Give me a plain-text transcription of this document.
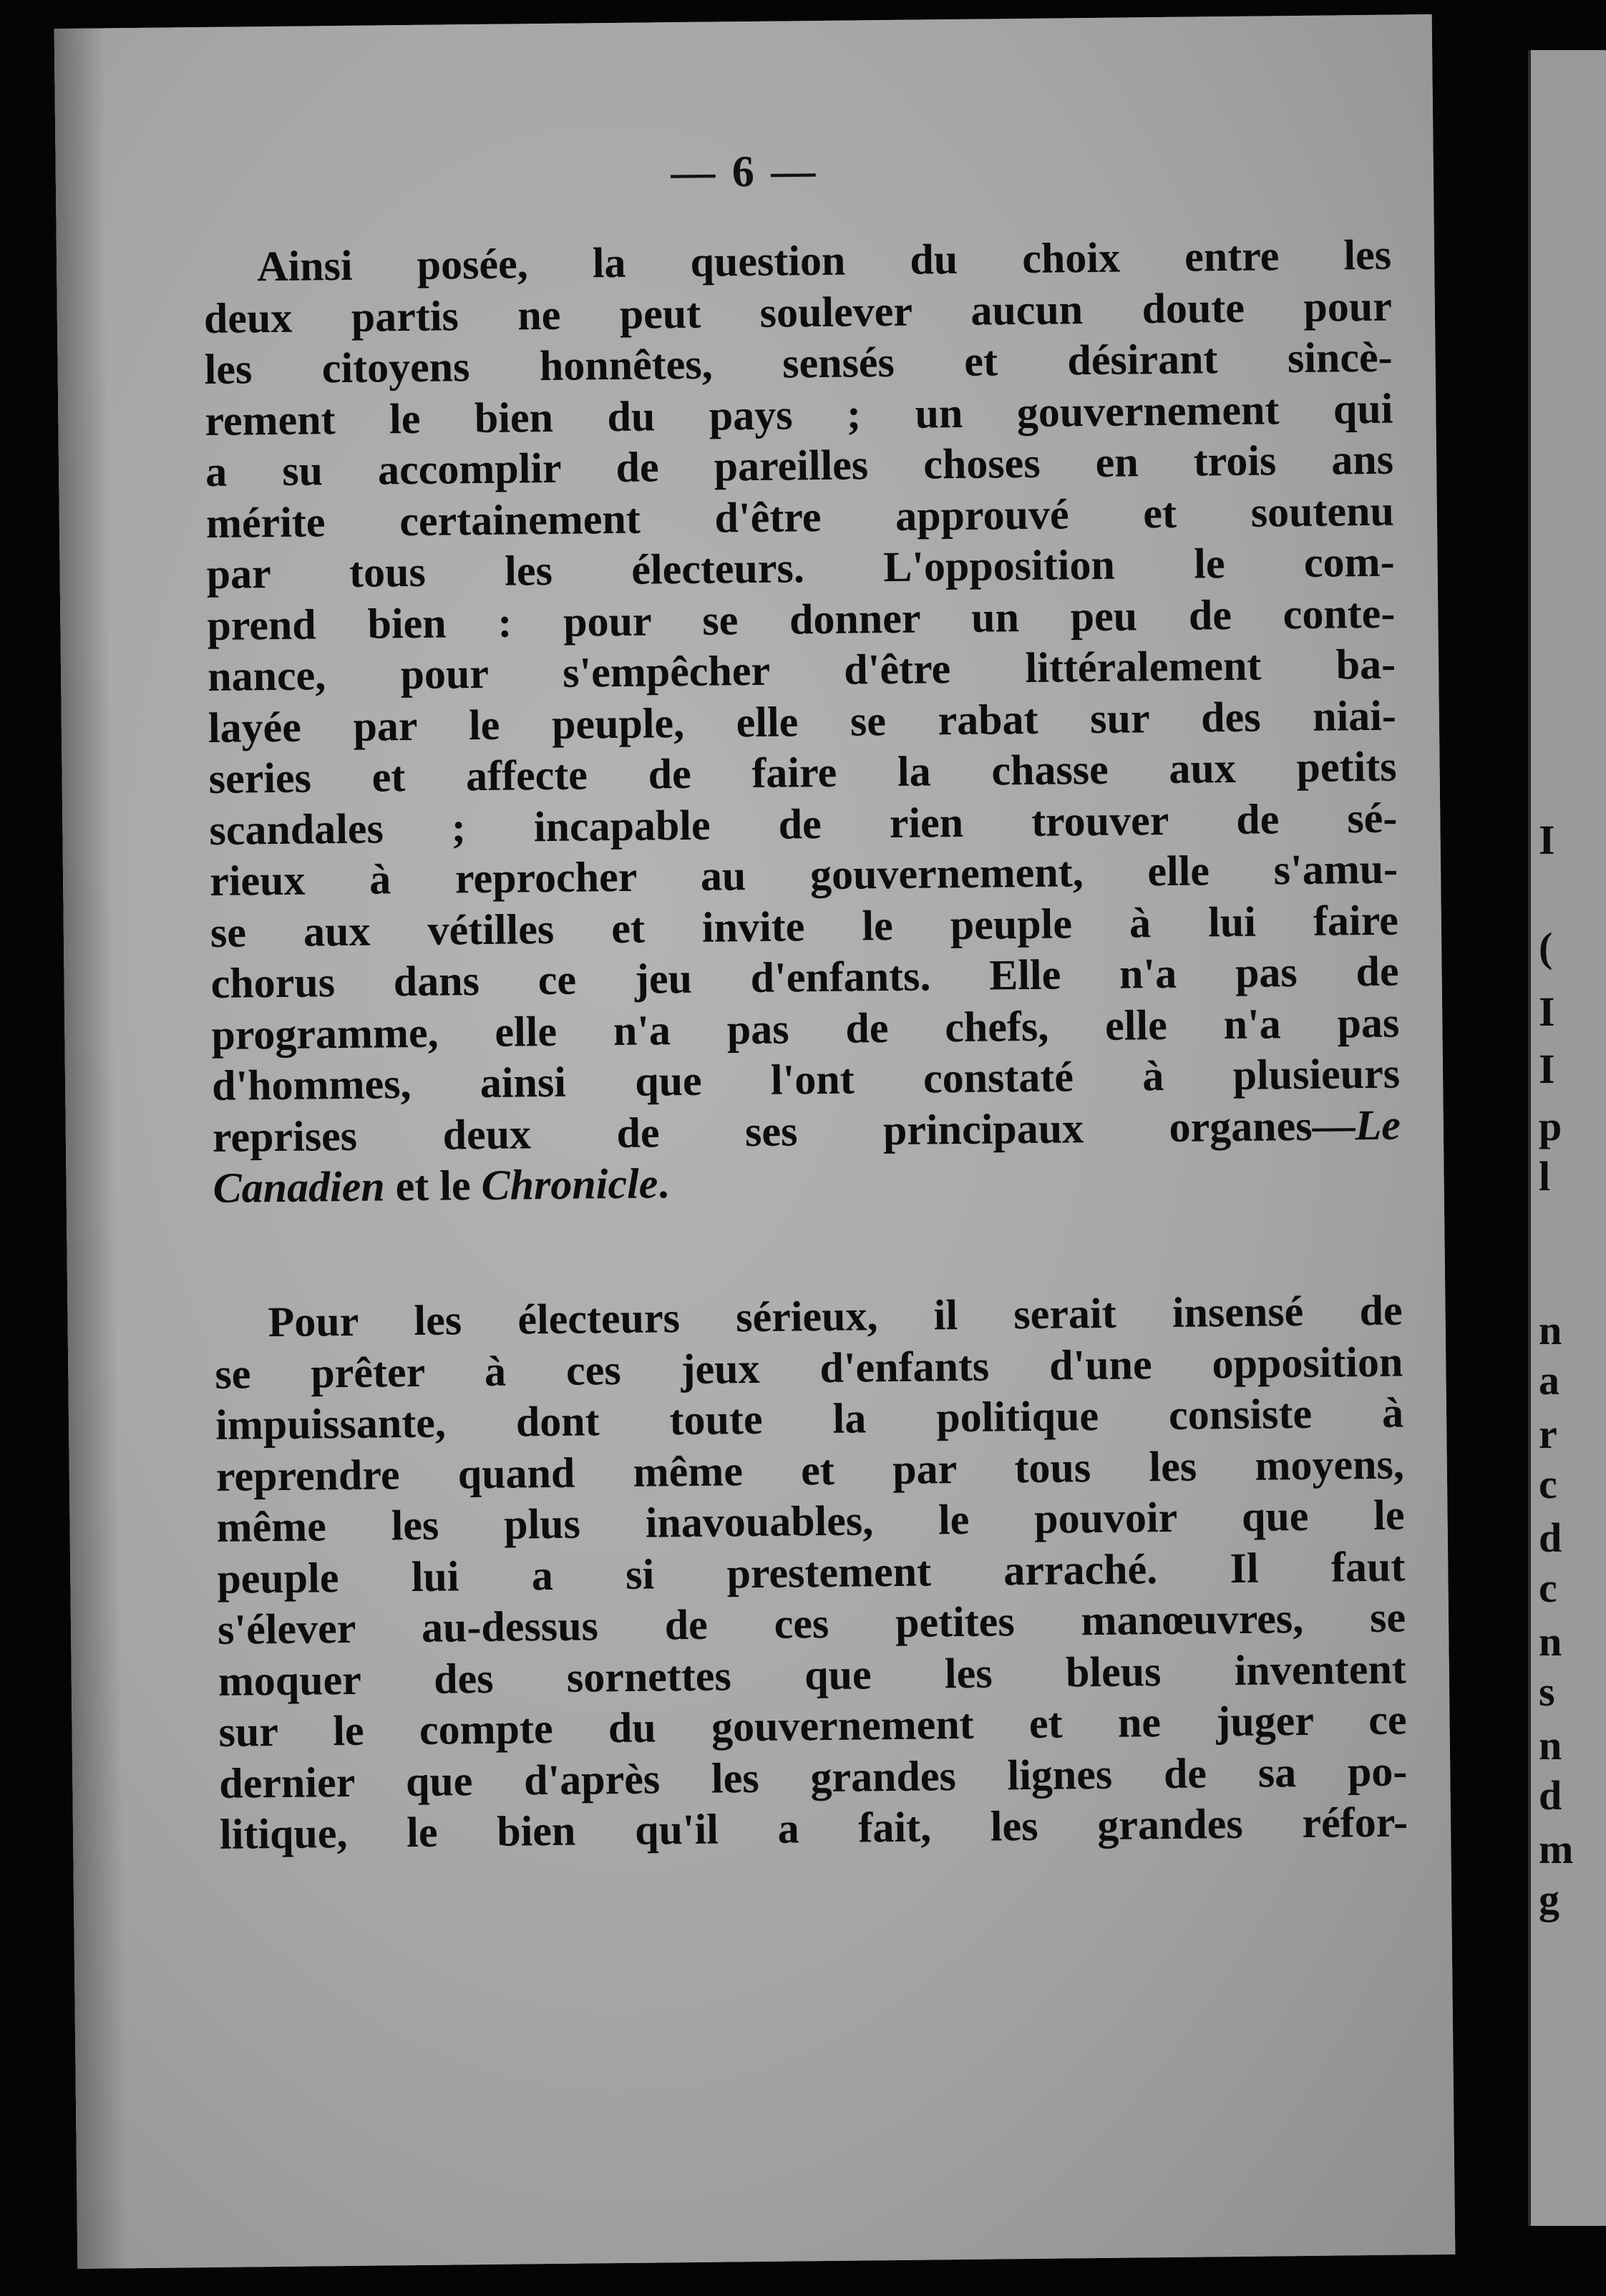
— 6 —
Ainsi posée, la question du choix entre les
deux partis ne peut soulever aucun doute pour
les citoyens honnêtes, sensés et désirant sincè-
rement le bien du pays ; un gouvernement qui
a su accomplir de pareilles choses en trois ans
mérite certainement d'être approuvé et soutenu
par tous les électeurs. L'opposition le com-
prend bien : pour se donner un peu de conte-
nance, pour s'empêcher d'être littéralement ba-
layée par le peuple, elle se rabat sur des niai-
series et affecte de faire la chasse aux petits
scandales ; incapable de rien trouver de sé-
rieux à reprocher au gouvernement, elle s'amu-
se aux vétilles et invite le peuple à lui faire
chorus dans ce jeu d'enfants. Elle n'a pas de
programme, elle n'a pas de chefs, elle n'a pas
d'hommes, ainsi que l'ont constaté à plusieurs
reprises deux de ses principaux organes—Le
Canadien et le Chronicle.
Pour les électeurs sérieux, il serait insensé de
se prêter à ces jeux d'enfants d'une opposition
impuissante, dont toute la politique consiste à
reprendre quand même et par tous les moyens,
même les plus inavouables, le pouvoir que le
peuple lui a si prestement arraché. Il faut
s'élever au-dessus de ces petites manœuvres, se
moquer des sornettes que les bleus inventent
sur le compte du gouvernement et ne juger ce
dernier que d'après les grandes lignes de sa po-
litique, le bien qu'il a fait, les grandes réfor-
I
(
I
I
p
l
n
a
r
c
d
c
n
s
n
d
m
g
